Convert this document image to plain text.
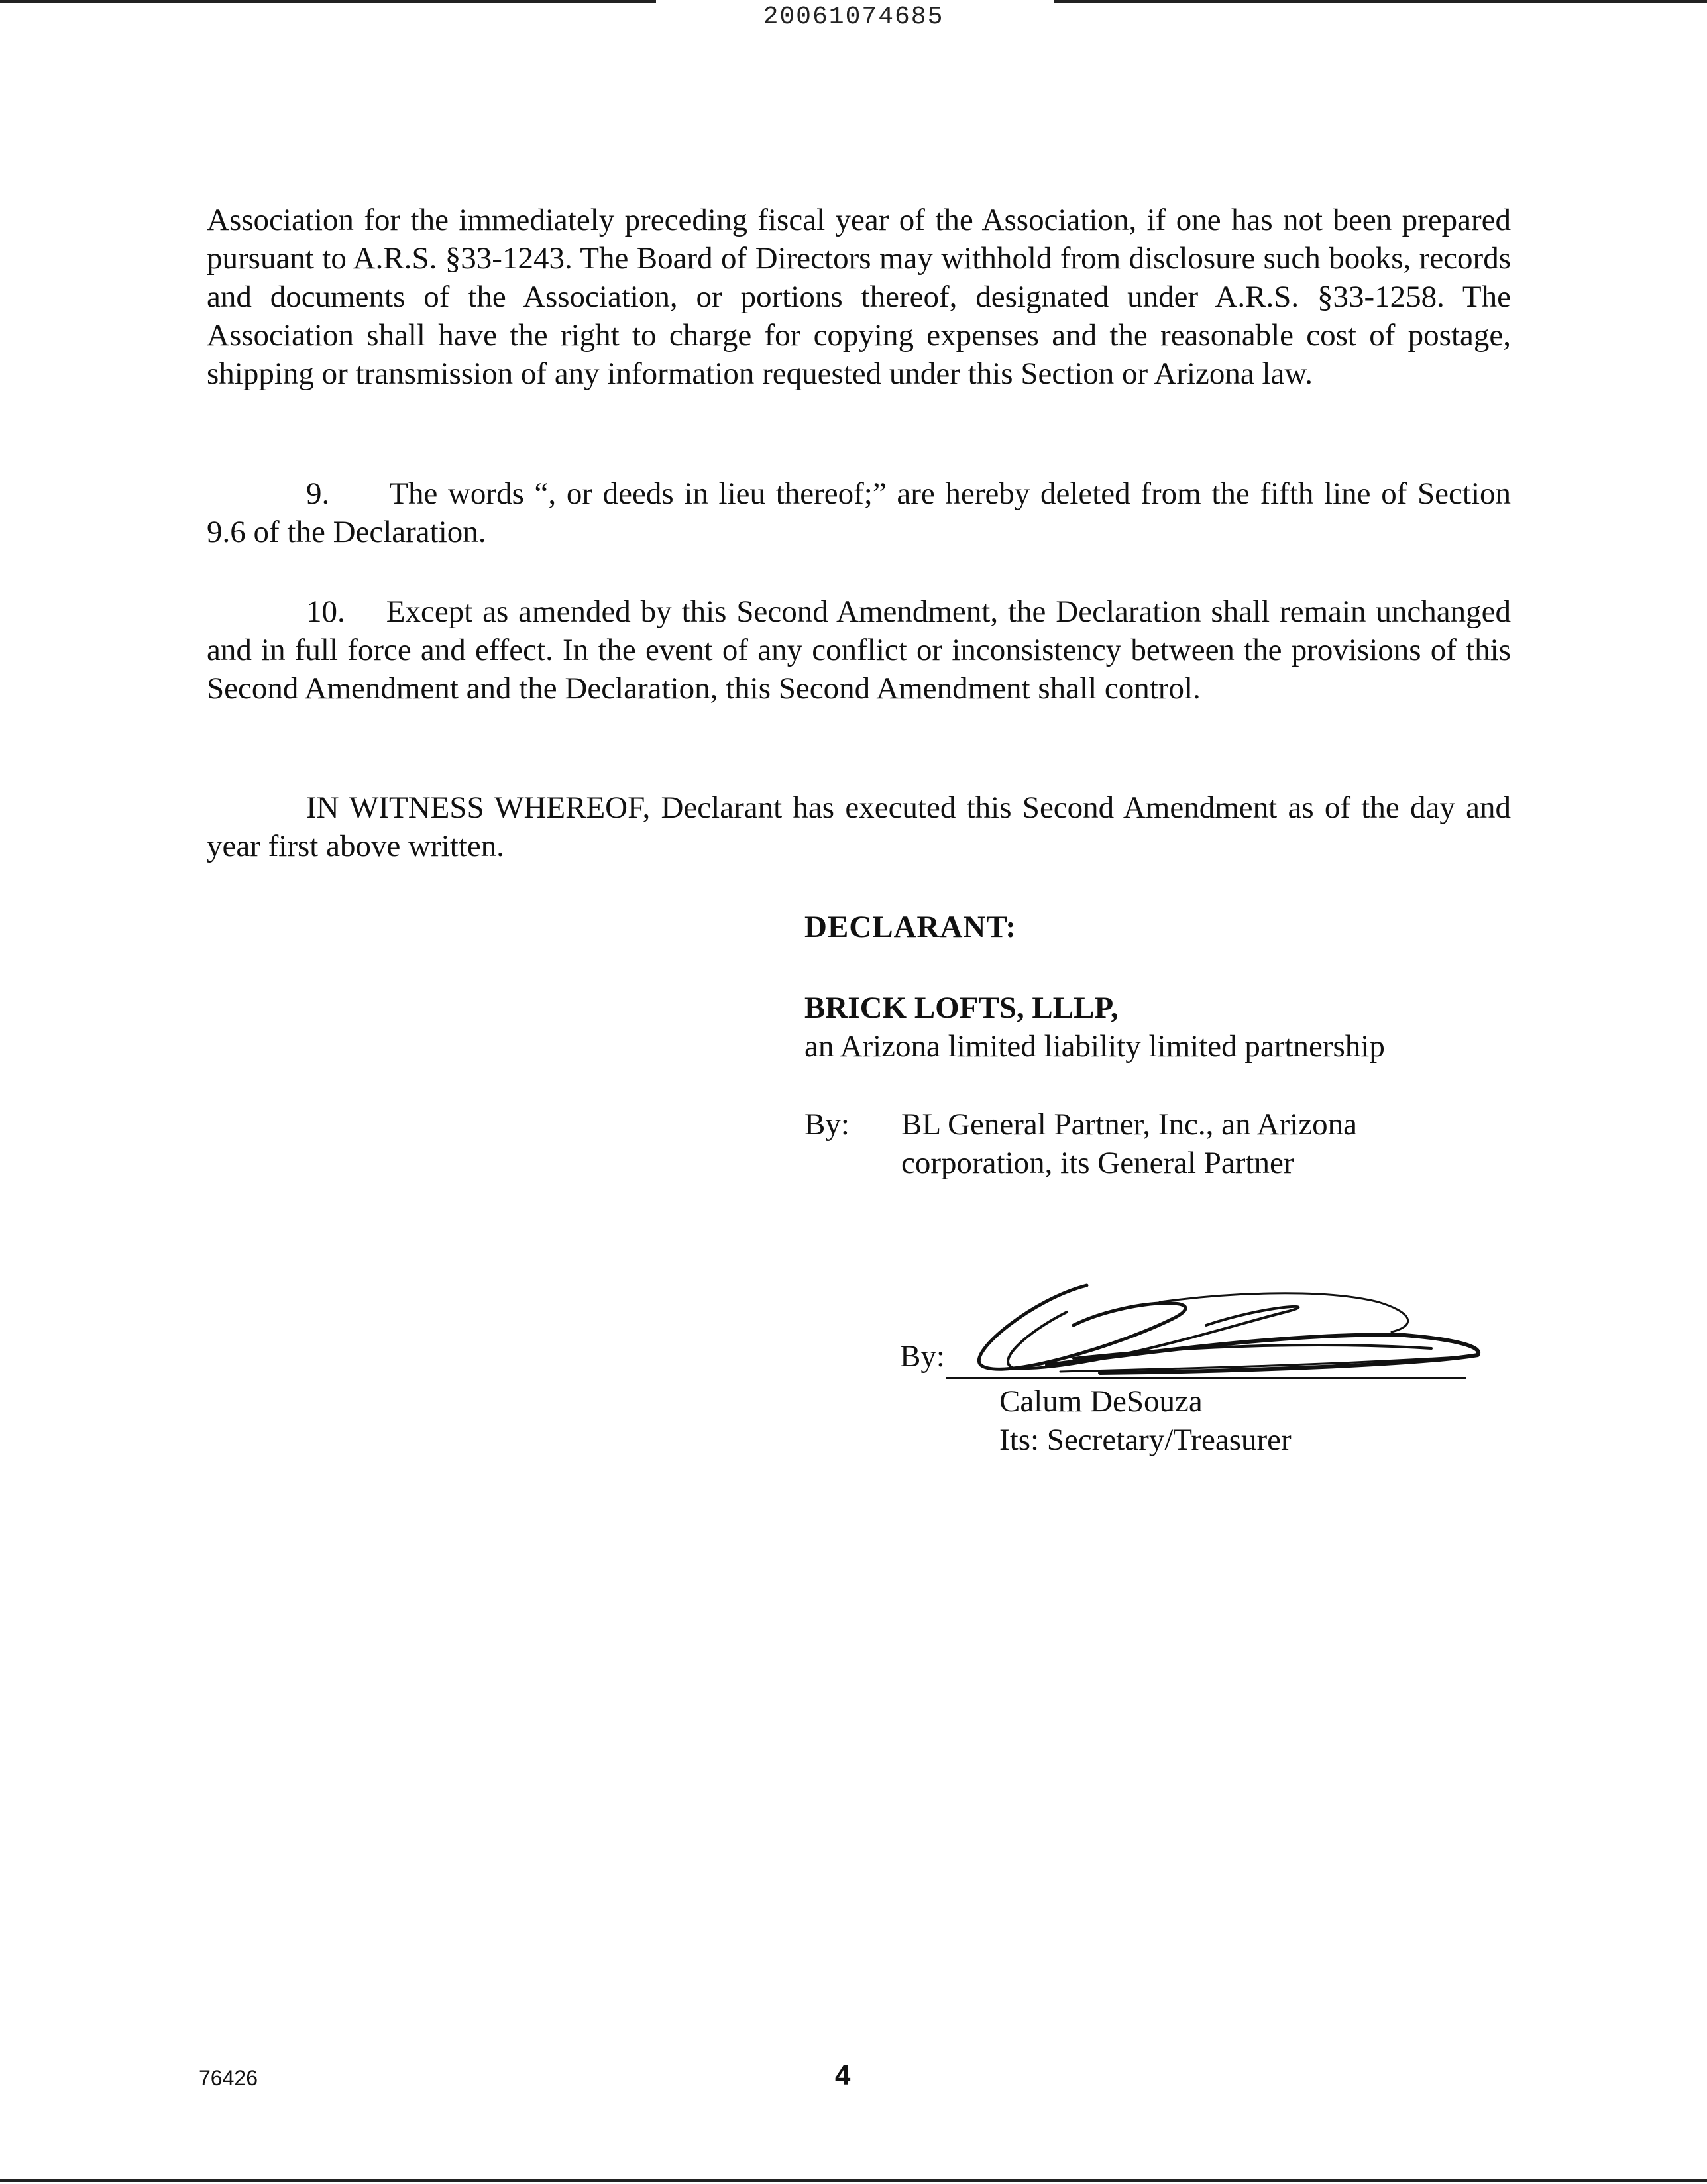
20061074685

Association for the immediately preceding fiscal year of the Association, if one has not been prepared pursuant to A.R.S. §33-1243. The Board of Directors may withhold from disclosure such books, records and documents of the Association, or portions thereof, designated under A.R.S. §33-1258. The Association shall have the right to charge for copying expenses and the reasonable cost of postage, shipping or transmission of any information requested under this Section or Arizona law.

9. The words “, or deeds in lieu thereof;” are hereby deleted from the fifth line of Section 9.6 of the Declaration.

10. Except as amended by this Second Amendment, the Declaration shall remain unchanged and in full force and effect. In the event of any conflict or inconsistency between the provisions of this Second Amendment and the Declaration, this Second Amendment shall control.

IN WITNESS WHEREOF, Declarant has executed this Second Amendment as of the day and year first above written.

DECLARANT:
BRICK LOFTS, LLLP,
an Arizona limited liability limited partnership
By: BL General Partner, Inc., an Arizona
corporation, its General Partner
By:
Calum DeSouza
Its: Secretary/Treasurer
76426	4
